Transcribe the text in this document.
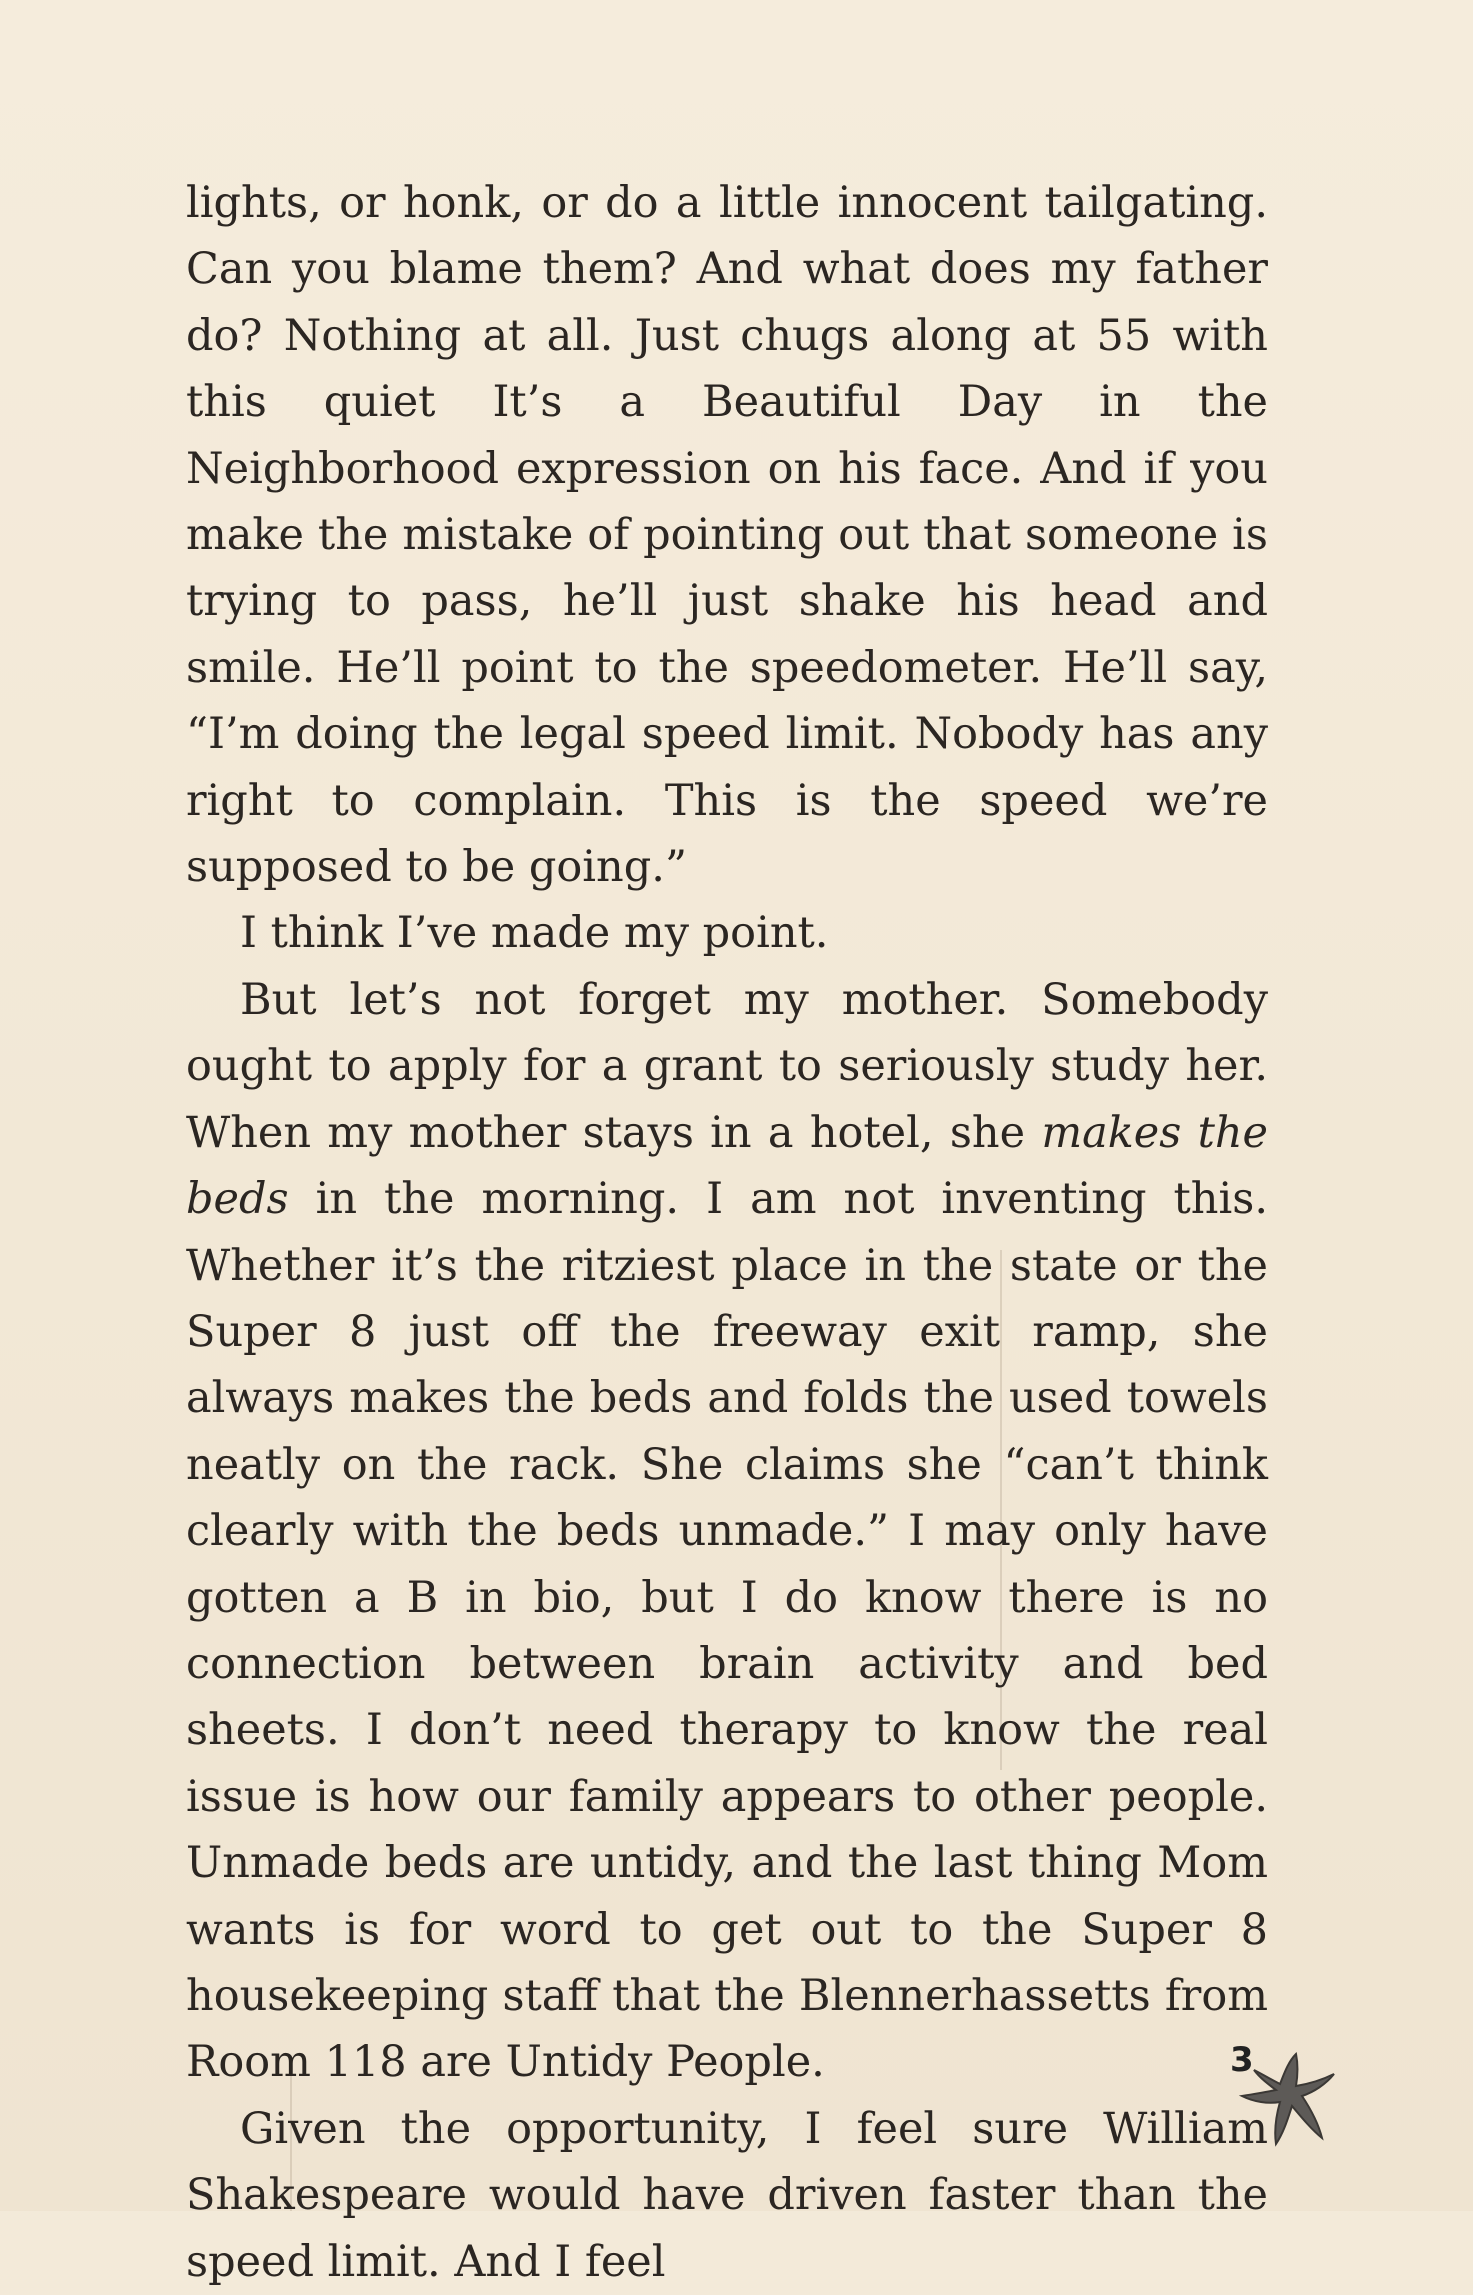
lights, or honk, or do a little innocent tailgating. Can you blame them? And what does my father do? Nothing at all. Just chugs along at 55 with this quiet It’s a Beautiful Day in the Neighborhood expression on his face. And if you make the mistake of pointing out that someone is trying to pass, he’ll just shake his head and smile. He’ll point to the speedometer. He’ll say, “I’m doing the legal speed limit. Nobody has any right to complain. This is the speed we’re supposed to be going.”

I think I’ve made my point.

But let’s not forget my mother. Somebody ought to apply for a grant to seriously study her. When my mother stays in a hotel, she makes the beds in the morning. I am not inventing this. Whether it’s the ritziest place in the state or the Super 8 just off the freeway exit ramp, she always makes the beds and folds the used towels neatly on the rack. She claims she “can’t think clearly with the beds unmade.” I may only have gotten a B in bio, but I do know there is no connection between brain activity and bed sheets. I don’t need therapy to know the real issue is how our family appears to other people. Unmade beds are untidy, and the last thing Mom wants is for word to get out to the Super 8 housekeeping staff that the Blennerhassetts from Room 118 are Untidy People.

Given the opportunity, I feel sure William Shakespeare would have driven faster than the speed limit. And I feel

3
